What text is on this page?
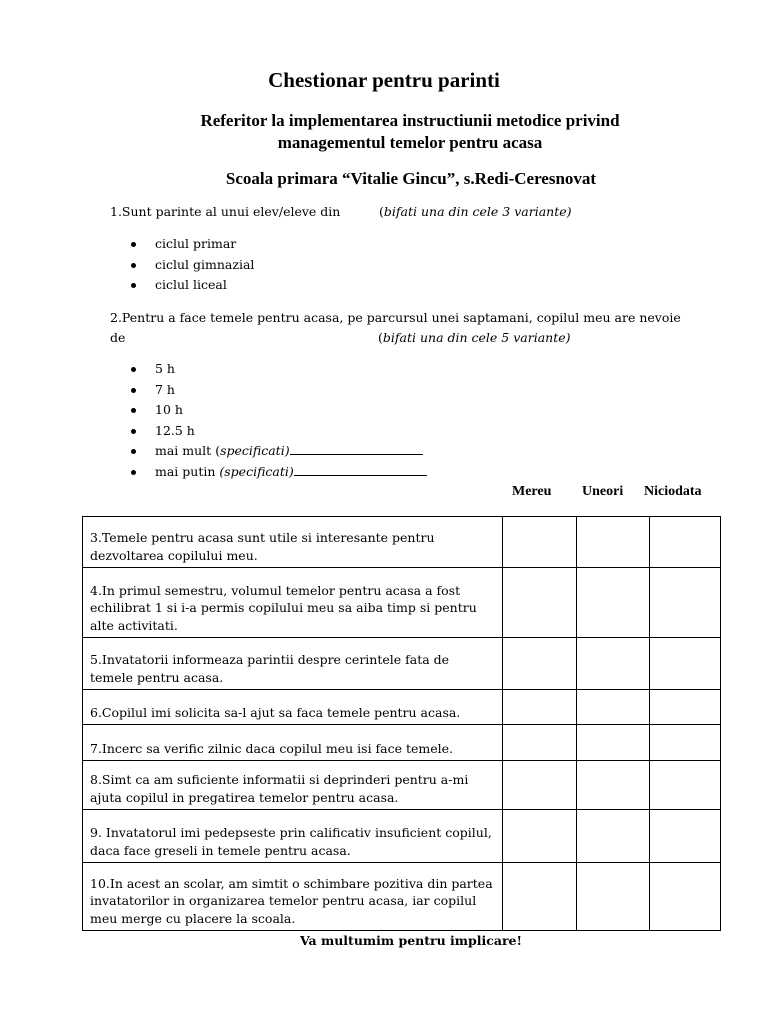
Chestionar pentru parinti
Referitor la implementarea instructiunii metodice privind
managementul temelor pentru acasa
Scoala primara “Vitalie Gincu”, s.Redi-Ceresnovat
1.Sunt parinte al unui elev/eleve din	(bifati una din cele 3 variante)
ciclul primar
ciclul gimnazial
ciclul liceal
2.Pentru a face temele pentru acasa, pe parcursul unei saptamani, copilul meu are nevoie
de	(bifati una din cele 5 variante)
5 h
7 h
10 h
12.5 h
mai mult (specificati)
mai putin (specificati)
Mereu Uneori Niciodata
3.Temele pentru acasa sunt utile si interesante pentru dezvoltarea copilului meu.			
4.In primul semestru, volumul temelor pentru acasa a fost echilibrat 1 si i-a permis copilului meu sa aiba timp si pentru alte activitati.			
5.Invatatorii informeaza parintii despre cerintele fata de temele pentru acasa.			
6.Copilul imi solicita sa-l ajut sa faca temele pentru acasa.			
7.Incerc sa verific zilnic daca copilul meu isi face temele.			
8.Simt ca am suficiente informatii si deprinderi pentru a-mi ajuta copilul in pregatirea temelor pentru acasa.			
9. Invatatorul imi pedepseste prin calificativ insuficient copilul, daca face greseli in temele pentru acasa.			
10.In acest an scolar, am simtit o schimbare pozitiva din partea invatatorilor in organizarea temelor pentru acasa, iar copilul meu merge cu placere la scoala.			
Va multumim pentru implicare!
